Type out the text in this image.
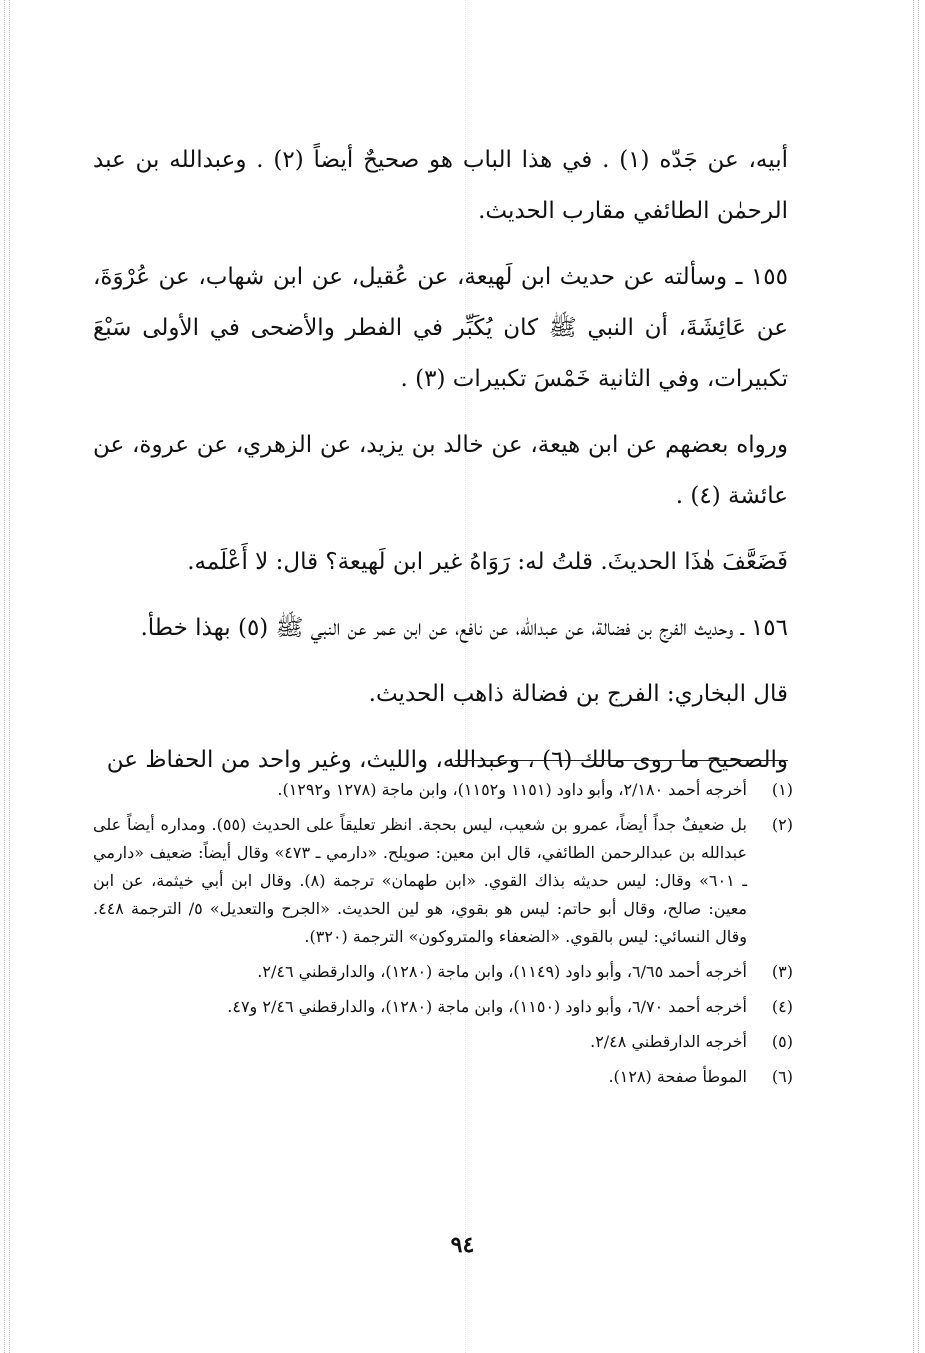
أبيه، عن جَدّه (١) . في هذا الباب هو صحيحٌ أيضاً (٢) . وعبدالله بن عبد الرحمٰن الطائفي مقارب الحديث.

١٥٥ ـ وسألته عن حديث ابن لَهيعة، عن عُقيل، عن ابن شهاب، عن عُرْوَةَ، عن عَائِشَةَ، أن النبي ﷺ كان يُكَبِّر في الفطر والأضحى في الأولى سَبْعَ تكبيرات، وفي الثانية خَمْسَ تكبيرات (٣) .

ورواه بعضهم عن ابن هيعة، عن خالد بن يزيد، عن الزهري، عن عروة، عن عائشة (٤) .

فَضَعَّفَ هٰذَا الحديثَ. قلتُ له: رَوَاهُ غير ابن لَهيعة؟ قال: لا أَعْلَمه.

١٥٦ ـ وحديث الفرج بن فضالة، عن عبدالله، عن نافع، عن ابن عمر عن النبي ﷺ (٥) بهذا خطأ.

قال البخاري: الفرج بن فضالة ذاهب الحديث.

والصحيح ما روى مالك (٦) ، وعبدالله، والليث، وغير واحد من الحفاظ عن

(١)
أخرجه أحمد ٢/١٨٠، وأبو داود (١١٥١ و١١٥٢)، وابن ماجة (١٢٧٨ و١٢٩٢).
(٢)
بل ضعيفٌ جداً أيضاً، عمرو بن شعيب، ليس بحجة. انظر تعليقاً على الحديث (٥٥). ومداره أيضاً على عبدالله بن عبدالرحمن الطائفي، قال ابن معين: صويلح. «دارمي ـ ٤٧٣» وقال أيضاً: ضعيف «دارمي ـ ٦٠١» وقال: ليس حديثه بذاك القوي. «ابن طهمان» ترجمة (٨). وقال ابن أبي خيثمة، عن ابن معين: صالح، وقال أبو حاتم: ليس هو بقوي، هو لين الحديث. «الجرح والتعديل» ٥/ الترجمة ٤٤٨. وقال النسائي: ليس بالقوي. «الضعفاء والمتروكون» الترجمة (٣٢٠).
(٣)
أخرجه أحمد ٦/٦٥، وأبو داود (١١٤٩)، وابن ماجة (١٢٨٠)، والدارقطني ٢/٤٦.
(٤)
أخرجه أحمد ٦/٧٠، وأبو داود (١١٥٠)، وابن ماجة (١٢٨٠)، والدارقطني ٢/٤٦ و٤٧.
(٥)
أخرجه الدارقطني ٢/٤٨.
(٦)
الموطأ صفحة (١٢٨).
٩٤
